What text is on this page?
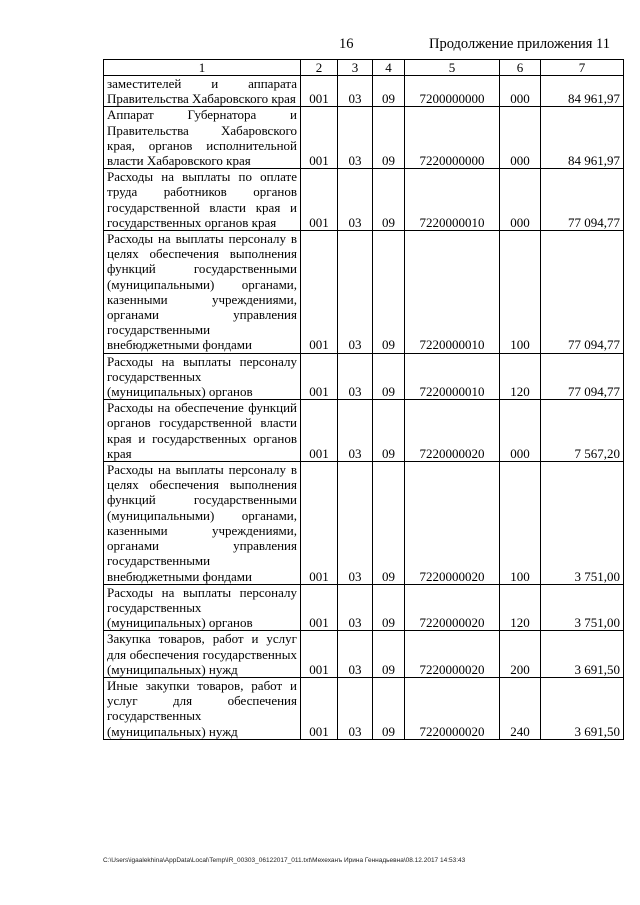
16	Продолжение приложения 11
1	2	3	4	5	6	7
заместителей и аппарата Правительства Хабаровского края	001	03	09	7200000000	000	84 961,97
Аппарат Губернатора и Правительства Хабаровского края, органов исполнительной власти Хабаровского края	001	03	09	7220000000	000	84 961,97
Расходы на выплаты по оплате труда работников органов государственной власти края и государственных органов края	001	03	09	7220000010	000	77 094,77
Расходы на выплаты персоналу в целях обеспечения выполнения функций государственными (муниципальными) органами, казенными учреждениями, органами управления государственными внебюджетными фондами	001	03	09	7220000010	100	77 094,77
Расходы на выплаты персоналу государственных (муниципальных) органов	001	03	09	7220000010	120	77 094,77
Расходы на обеспечение функций органов государственной власти края и государственных органов края	001	03	09	7220000020	000	7 567,20
Расходы на выплаты персоналу в целях обеспечения выполнения функций государственными (муниципальными) органами, казенными учреждениями, органами управления государственными внебюджетными фондами	001	03	09	7220000020	100	3 751,00
Расходы на выплаты персоналу государственных (муниципальных) органов	001	03	09	7220000020	120	3 751,00
Закупка товаров, работ и услуг для обеспечения государственных (муниципальных) нужд	001	03	09	7220000020	200	3 691,50
Иные закупки товаров, работ и услуг для обеспечения государственных (муниципальных) нужд	001	03	09	7220000020	240	3 691,50
C:\Users\igaalekhina\AppData\Local\Temp\IR_00303_06122017_011.txt\Мехеханъ Ирина Геннадьевна\08.12.2017 14:53:43
